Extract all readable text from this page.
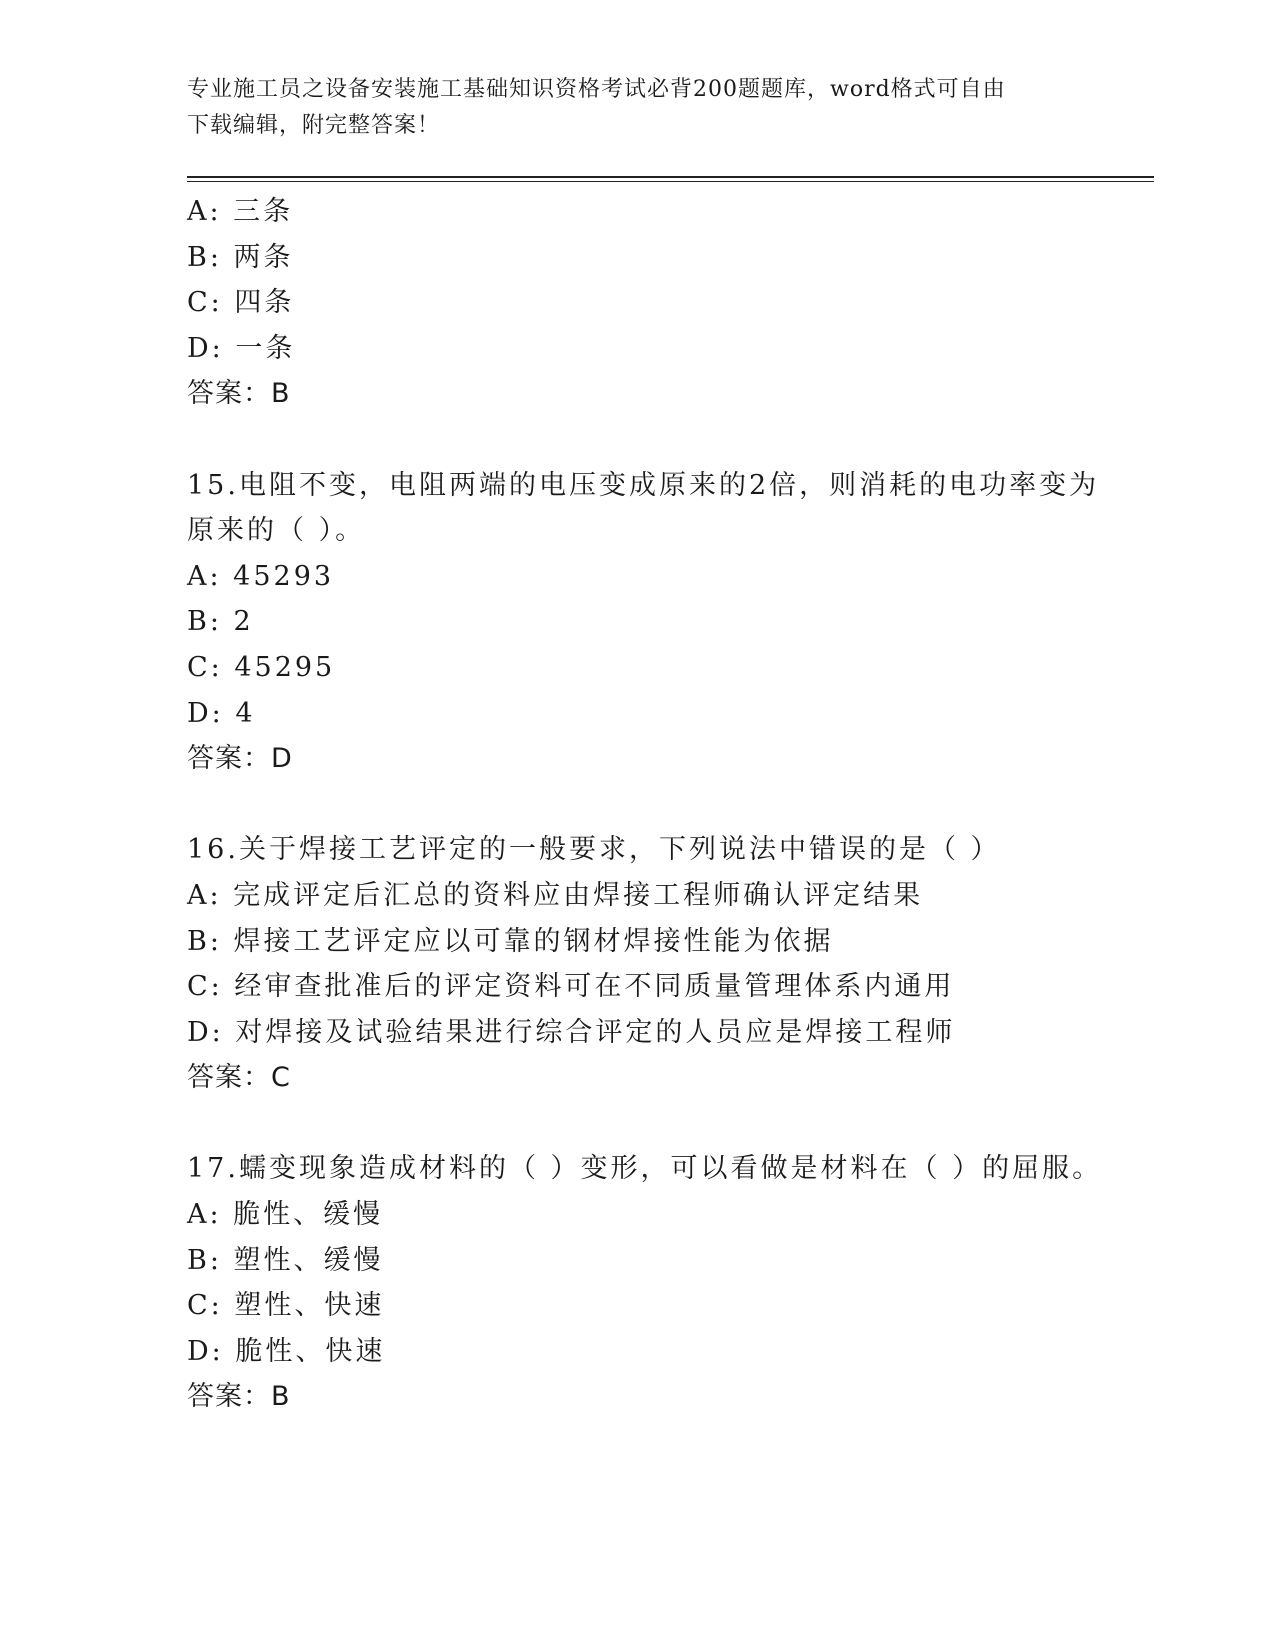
专业施工员之设备安装施工基础知识资格考试必背200题题库，word格式可自由
下载编辑，附完整答案！
A: 三条
B: 两条
C: 四条
D: 一条
答案：B
15.电阻不变，电阻两端的电压变成原来的2倍，则消耗的电功率变为
原来的（ ）。
A: 45293
B: 2
C: 45295
D: 4
答案：D
16.关于焊接工艺评定的一般要求，下列说法中错误的是（ ）
A: 完成评定后汇总的资料应由焊接工程师确认评定结果
B: 焊接工艺评定应以可靠的钢材焊接性能为依据
C: 经审查批准后的评定资料可在不同质量管理体系内通用
D: 对焊接及试验结果进行综合评定的人员应是焊接工程师
答案：C
17.蠕变现象造成材料的（ ）变形，可以看做是材料在（ ）的屈服。
A: 脆性、缓慢
B: 塑性、缓慢
C: 塑性、快速
D: 脆性、快速
答案：B
